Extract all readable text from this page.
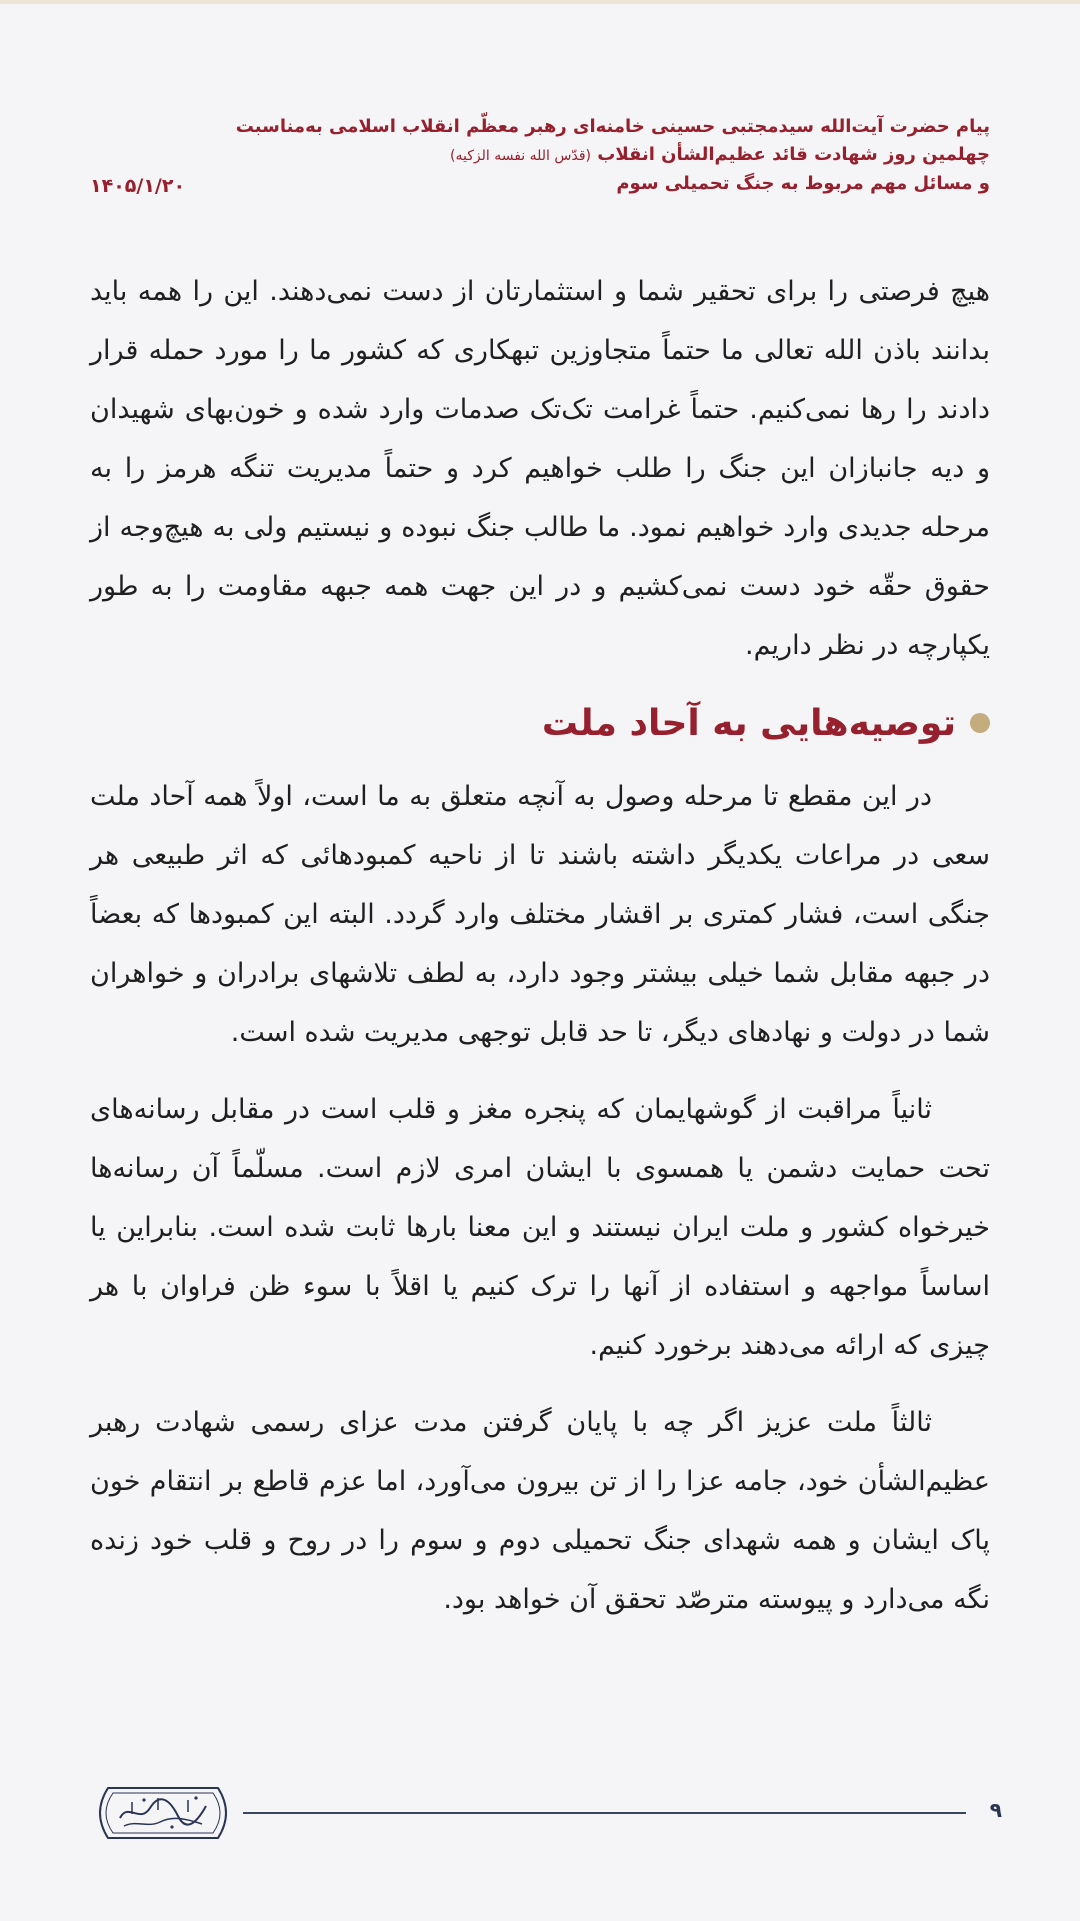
پیام حضرت آیت‌الله سیدمجتبی حسینی خامنه‌ای رهبر معظّم انقلاب اسلامی به‌مناسبت
چهلمین روز شهادت قائد عظیم‌الشأن انقلاب (قدّس الله نفسه الزکیه)
و مسائل مهم مربوط به جنگ تحمیلی سوم
۱۴۰۵/۱/۲۰

هیچ فرصتی را برای تحقیر شما و استثمارتان از دست نمی‌دهند. این را همه باید بدانند باذن الله تعالی ما حتماً متجاوزین تبهکاری که کشور ما را مورد حمله قرار دادند را رها نمی‌کنیم. حتماً غرامت تک‌تک صدمات وارد شده و خون‌بهای شهیدان و دیه جانبازان این جنگ را طلب خواهیم کرد و حتماً مدیریت تنگه هرمز را به مرحله جدیدی وارد خواهیم نمود. ما طالب جنگ نبوده و نیستیم ولی به هیچ‌وجه از حقوق حقّه خود دست نمی‌کشیم و در این جهت همه جبهه مقاومت را به طور یکپارچه در نظر داریم.

توصیه‌هایی به آحاد ملت

در این مقطع تا مرحله وصول به آنچه متعلق به ما است، اولاً همه آحاد ملت سعی در مراعات یکدیگر داشته باشند تا از ناحیه کمبودهائی که اثر طبیعی هر جنگی است، فشار کمتری بر اقشار مختلف وارد گردد. البته این کمبودها که بعضاً در جبهه مقابل شما خیلی بیشتر وجود دارد، به لطف تلاشهای برادران و خواهران شما در دولت و نهادهای دیگر، تا حد قابل توجهی مدیریت شده است.

ثانیاً مراقبت از گوشهایمان که پنجره مغز و قلب است در مقابل رسانه‌های تحت حمایت دشمن یا همسوی با ایشان امری لازم است. مسلّماً آن رسانه‌ها خیرخواه کشور و ملت ایران نیستند و این معنا بارها ثابت شده است. بنابراین یا اساساً مواجهه و استفاده از آنها را ترک کنیم یا اقلاً با سوء ظن فراوان با هر چیزی که ارائه می‌دهند برخورد کنیم.

ثالثاً ملت عزیز اگر چه با پایان گرفتن مدت عزای رسمی شهادت رهبر عظیم‌الشأن خود، جامه عزا را از تن بیرون می‌آورد، اما عزم قاطع بر انتقام خون پاک ایشان و همه شهدای جنگ تحمیلی دوم و سوم را در روح و قلب خود زنده نگه می‌دارد و پیوسته مترصّد تحقق آن خواهد بود.

۹
